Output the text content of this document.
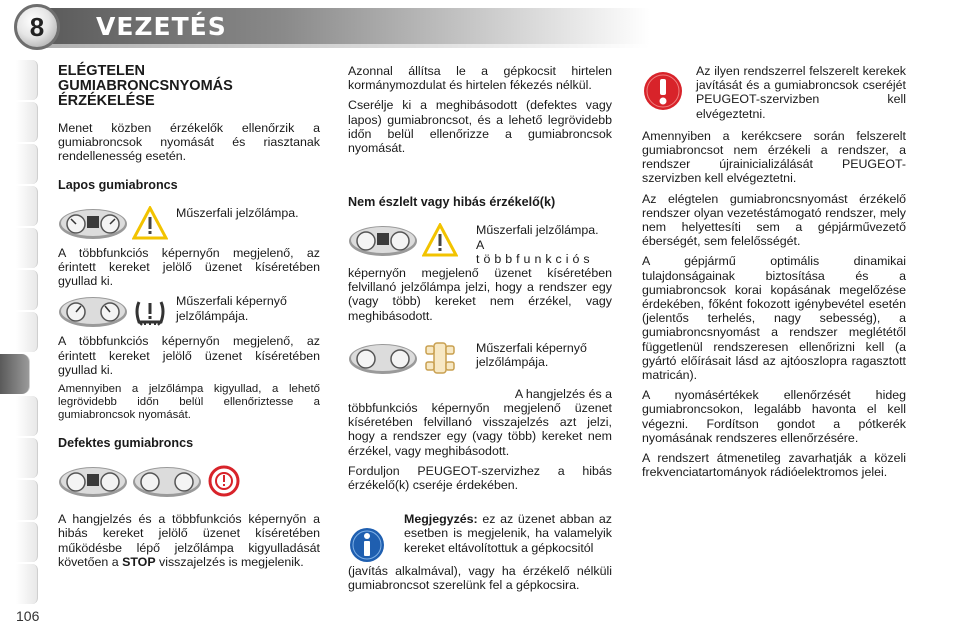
8	VEZETÉS
ELÉGTELEN GUMIABRONCSNYOMÁS ÉRZÉKELÉSE

Menet közben érzékelők ellenőrzik a gumiabroncsok nyomását és riasztanak rendellenesség esetén.

Lapos gumiabroncs
Műszerfali jelzőlámpa.

A többfunkciós képernyőn megjelenő, az érintett kereket jelölő üzenet kíséretében gyullad ki.

Műszerfali képernyő jelzőlámpája.

A többfunkciós képernyőn megjelenő, az érintett kereket jelölő üzenet kíséretében gyullad ki.

Amennyiben a jelzőlámpa kigyullad, a lehető legrövidebb időn belül ellenőriztesse a gumiabroncsok nyomását.

Defektes gumiabroncs

A hangjelzés és a többfunkciós képernyőn a hibás kereket jelölő üzenet kíséretében működésbe lépő jelzőlámpa kigyulladását követően a STOP visszajelzés is megjelenik.

Azonnal állítsa le a gépkocsit hirtelen kormánymozdulat és hirtelen fékezés nélkül.

Cserélje ki a meghibásodott (defektes vagy lapos) gumiabroncsot, és a lehető legrövidebb időn belül ellenőrizze a gumiabroncsok nyomását.

Nem észlelt vagy hibás érzékelő(k)
Műszerfali jelzőlámpa.
A többfunkciós

képernyőn megjelenő üzenet kíséretében felvillanó jelzőlámpa jelzi, hogy a rendszer egy (vagy több) kereket nem érzékel, vagy meghibásodott.

Műszerfali képernyő jelzőlámpája.
A hangjelzés és a

többfunkciós képernyőn megjelenő üzenet kíséretében felvillanó visszajelzés azt jelzi, hogy a rendszer egy (vagy több) kereket nem érzékel, vagy meghibásodott.

Forduljon PEUGEOT-szervizhez a hibás érzékelő(k) cseréje érdekében.

Megjegyzés: ez az üzenet abban az esetben is megjelenik, ha valamelyik kereket eltávolítottuk a gépkocsitól

(javítás alkalmával), vagy ha érzékelő nélküli gumiabroncsot szerelünk fel a gépkocsira.

Az ilyen rendszerrel felszerelt kerekek javítását és a gumiabroncsok cseréjét PEUGEOT-szervizben kell elvégeztetni.

Amennyiben a kerékcsere során felszerelt gumiabroncsot nem érzékeli a rendszer, a rendszer újrainicializálását PEUGEOT-szervizben kell elvégeztetni.

Az elégtelen gumiabroncsnyomást érzékelő rendszer olyan vezetéstámogató rendszer, mely nem helyettesíti sem a gépjárművezető éberségét, sem felelősségét.

A gépjármű optimális dinamikai tulajdonságainak biztosítása és a gumiabroncsok korai kopásának megelőzése érdekében, főként fokozott igénybevétel esetén (jelentős terhelés, nagy sebesség), a gumiabroncsnyomást a rendszer meglététől függetlenül rendszeresen ellenőrizni kell (a gyártó előírásait lásd az ajtóoszlopra ragasztott matricán).

A nyomásértékek ellenőrzését hideg gumiabroncsokon, legalább havonta el kell végezni. Fordítson gondot a pótkerék nyomásának rendszeres ellenőrzésére.

A rendszert átmenetileg zavarhatják a közeli frekvenciatartományok rádióelektromos jelei.

106
